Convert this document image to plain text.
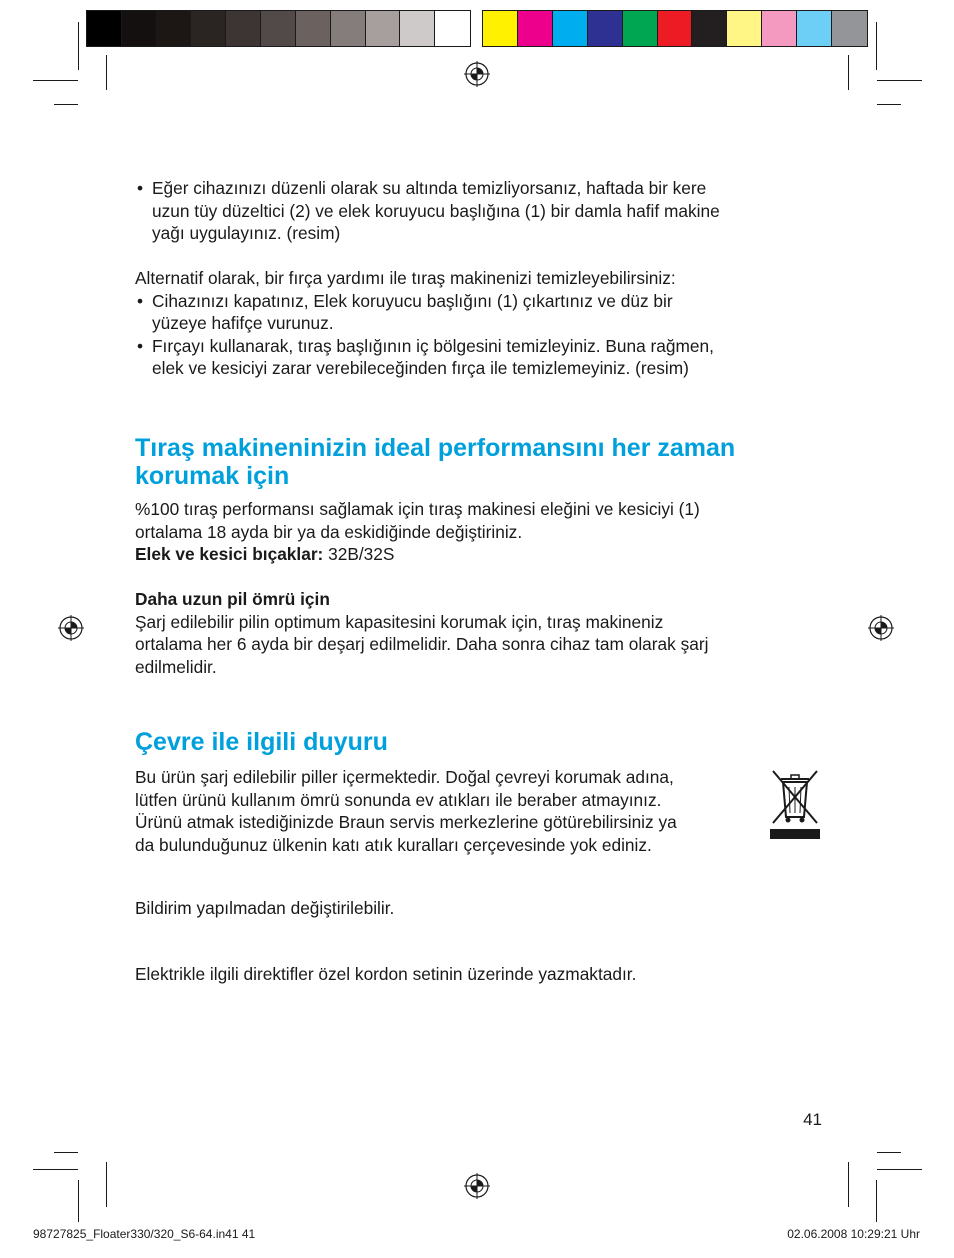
• Eğer cihazınızı düzenli olarak su altında temizliyorsanız, haftada bir kere
uzun tüy düzeltici (2) ve elek koruyucu başlığına (1) bir damla hafif makine
yağı uygulayınız. (resim)
Alternatif olarak, bir fırça yardımı ile tıraş makinenizi temizleyebilirsiniz:
• Cihazınızı kapatınız, Elek koruyucu başlığını (1) çıkartınız ve düz bir
yüzeye hafifçe vurunuz.
• Fırçayı kullanarak, tıraş başlığının iç bölgesini temizleyiniz. Buna rağmen,
elek ve kesiciyi zarar verebileceğinden fırça ile temizlemeyiniz. (resim)
Tıraş makineninizin ideal performansını her zaman
korumak için
%100 tıraş performansı sağlamak için tıraş makinesi eleğini ve kesiciyi (1)
ortalama 18 ayda bir ya da eskidiğinde değiştiriniz.
Elek ve kesici bıçaklar: 32B/32S
Daha uzun pil ömrü için
Şarj edilebilir pilin optimum kapasitesini korumak için, tıraş makineniz
ortalama her 6 ayda bir deşarj edilmelidir. Daha sonra cihaz tam olarak şarj
edilmelidir.
Çevre ile ilgili duyuru
Bu ürün şarj edilebilir piller içermektedir. Doğal çevreyi korumak adına,
lütfen ürünü kullanım ömrü sonunda ev atıkları ile beraber atmayınız.
Ürünü atmak istediğinizde Braun servis merkezlerine götürebilirsiniz ya
da bulunduğunuz ülkenin katı atık kuralları çerçevesinde yok ediniz.
Bildirim yapılmadan değiştirilebilir.
Elektrikle ilgili direktifler özel kordon setinin üzerinde yazmaktadır.
41
98727825_Floater330/320_S6-64.in41 41	02.06.2008 10:29:21 Uhr
